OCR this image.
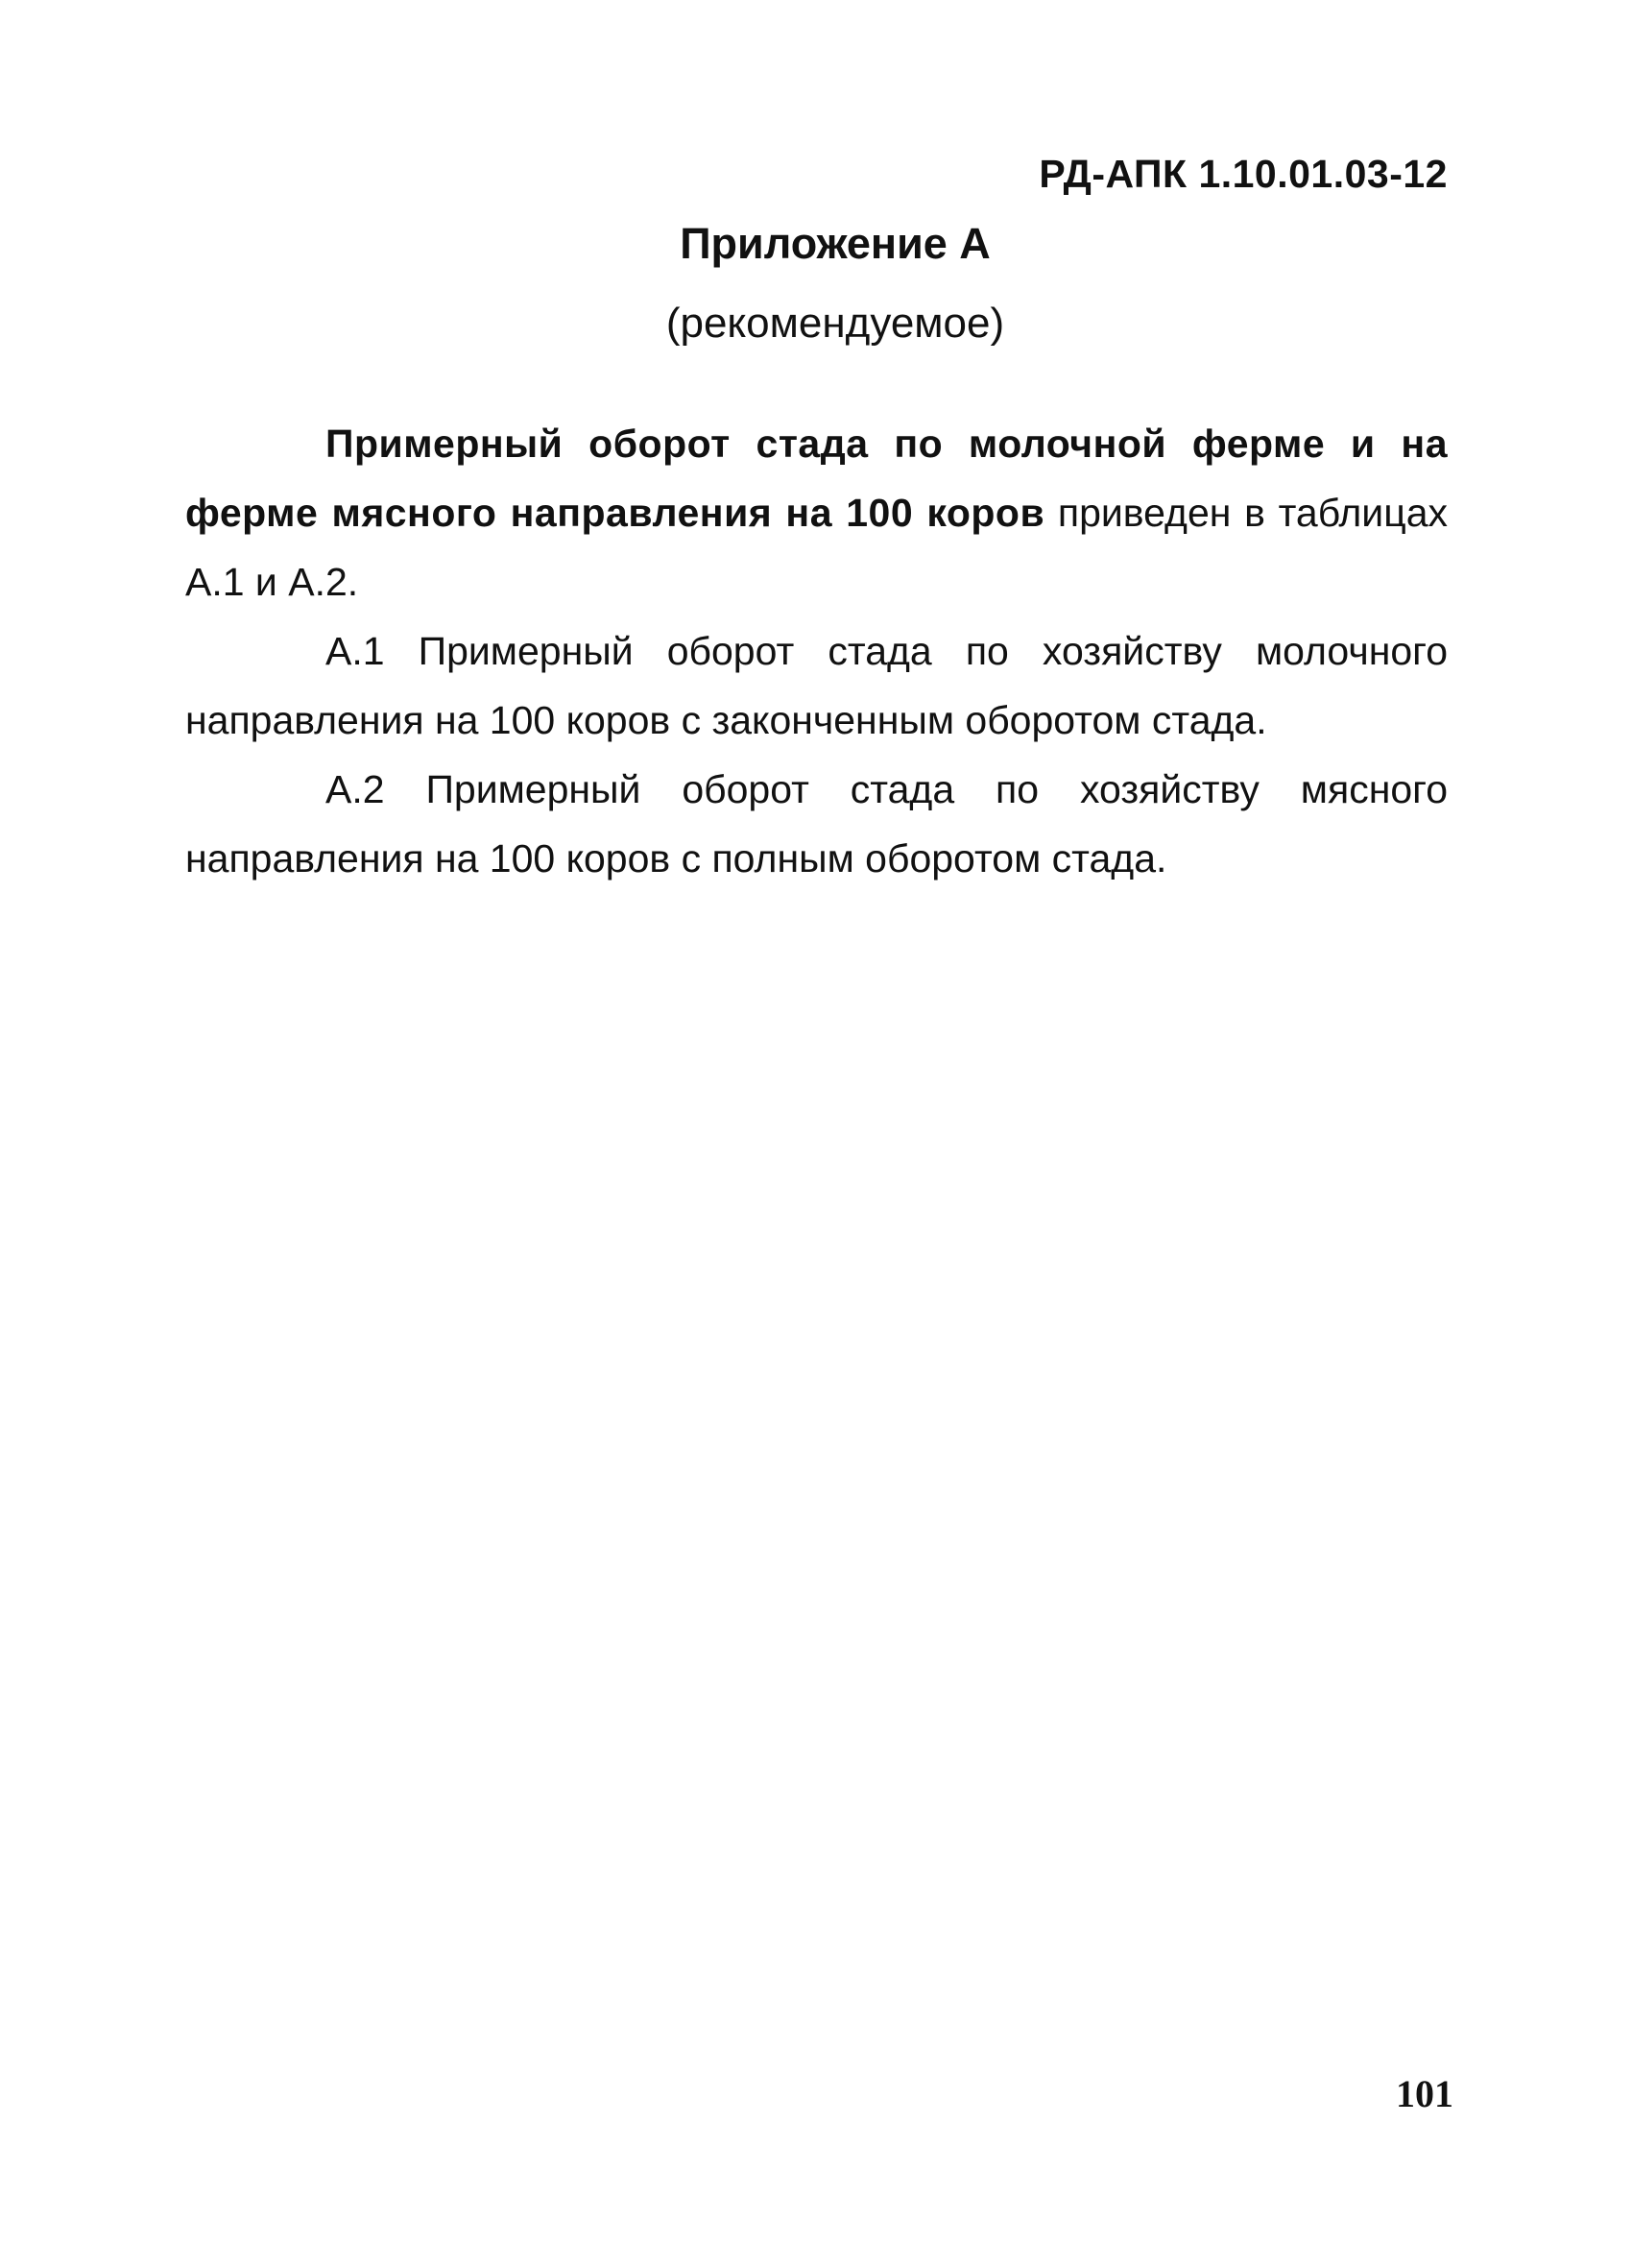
РД-АПК 1.10.01.03-12
Приложение А
(рекомендуемое)

Примерный оборот стада по молочной ферме и на ферме мясного направления на 100 коров приведен в таблицах А.1 и А.2.

А.1 Примерный оборот стада по хозяйству молочного направления на 100 коров с законченным оборотом стада.

А.2 Примерный оборот стада по хозяйству мясного направления на 100 коров с полным оборотом стада.

101
